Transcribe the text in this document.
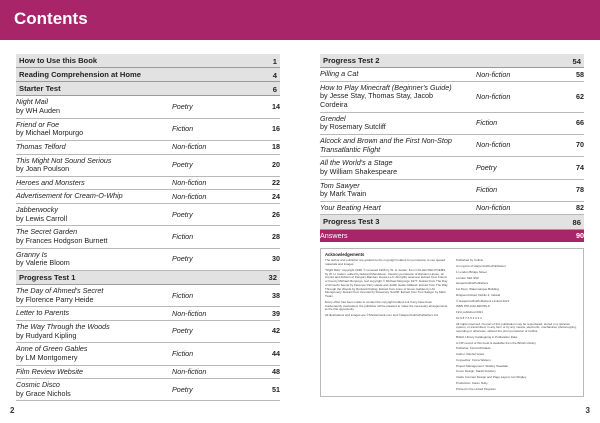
Contents
How to Use this Book	1
Reading Comprehension at Home	4
Starter Test	6
Night Mail
by WH Auden	Poetry	14
Friend or Foe
by Michael Morpurgo	Fiction	16
Thomas Telford	Non-fiction	18
This Might Not Sound Serious
by Joan Poulson	Poetry	20
Heroes and Monsters	Non-fiction	22
Advertisement for Cream-O-Whip	Non-fiction	24
Jabberwocky
by Lewis Carroll	Poetry	26
The Secret Garden
by Frances Hodgson Burnett	Fiction	28
Granny Is
by Valerie Bloom	Poetry	30
Progress Test 1	32
The Day of Ahmed's Secret
by Florence Parry Heide	Fiction	38
Letter to Parents	Non-fiction	39
The Way Through the Woods
by Rudyard Kipling	Poetry	42
Anne of Green Gables
by LM Montgomery	Fiction	44
Film Review Website	Non-fiction	48
Cosmic Disco
by Grace Nichols	Poetry	51
2
Progress Test 2	54
Pilling a Cat	Non-fiction	58
How to Play Minecraft (Beginner's Guide)
by Jesse Stay, Thomas Stay, Jacob Cordeira
Non-fiction	62
Grendel
by Rosemary Sutcliff	Fiction	66
Alcock and Brown and the First Non-Stop Transatlantic Flight	Non-fiction	70
All the World's a Stage
by William Shakespeare	Poetry	74
Tom Sawyer
by Mark Twain	Fiction	78
Your Beating Heart	Non-fiction	82
Progress Test 3	86
Answers	90
Acknowledgements

The author and publisher are grateful to the copyright holders for permission to use quoted materials and images.

"Night Mail," copyright 1938, © renewed 1966 by W. H. Auden; from COLLECTED POEMS by W. H. Auden, edited by Edward Mendelson. Used by permission of Random House, an imprint and division of Penguin Random House LLC. All rights reserved. Extract from Friend or Foe by Michael Morpurgo, text copyright © Michael Morpurgo 1977. Extract from The Day of Ahmed's Secret by Florence Parry Heide and Judith Heide Gilliland. Extract from The Way Through the Woods by Rudyard Kipling. Extract from Anne of Green Gables by LM Montgomery. Extract from Grendel by Rosemary Sutcliff. Extract from Tom Sawyer by Mark Twain.

Every effort has been made to contact the copyright holders but if any have been inadvertently overlooked, the publisher will be pleased to make the necessary arrangements at the first opportunity.

All illustrations and images are ©Shutterstock.com and ©HarperCollinsPublishers Ltd

Published by Collins

An imprint of HarperCollinsPublishers

1 London Bridge Street

London SE1 9GF

HarperCollinsPublishers

1st Floor, Watermarque Building,

Ringsend Road, Dublin 4, Ireland

© HarperCollinsPublishers Limited 2021

ISBN 978-0-00-846769-9

First published 2021

10 9 8 7 6 5 4 3 2 1

All rights reserved. No part of this publication may be reproduced, stored in a retrieval system, or transmitted, in any form or by any means, electronic, mechanical, photocopying, recording or otherwise, without the prior permission of Collins.

British Library Cataloguing in Publication Data.

A CIP record of this book is available from the British Library.

Publisher: Fiona McGlade

Author: Rachel Grant

Copyeditor: Fiona Watson

Project Management: Shelley Teasdale

Cover Design: Sarah Duxbury

Inside Concept Design and Page Layout: Ian Wrigley

Production: Karen Nulty

Printed in the United Kingdom

3
